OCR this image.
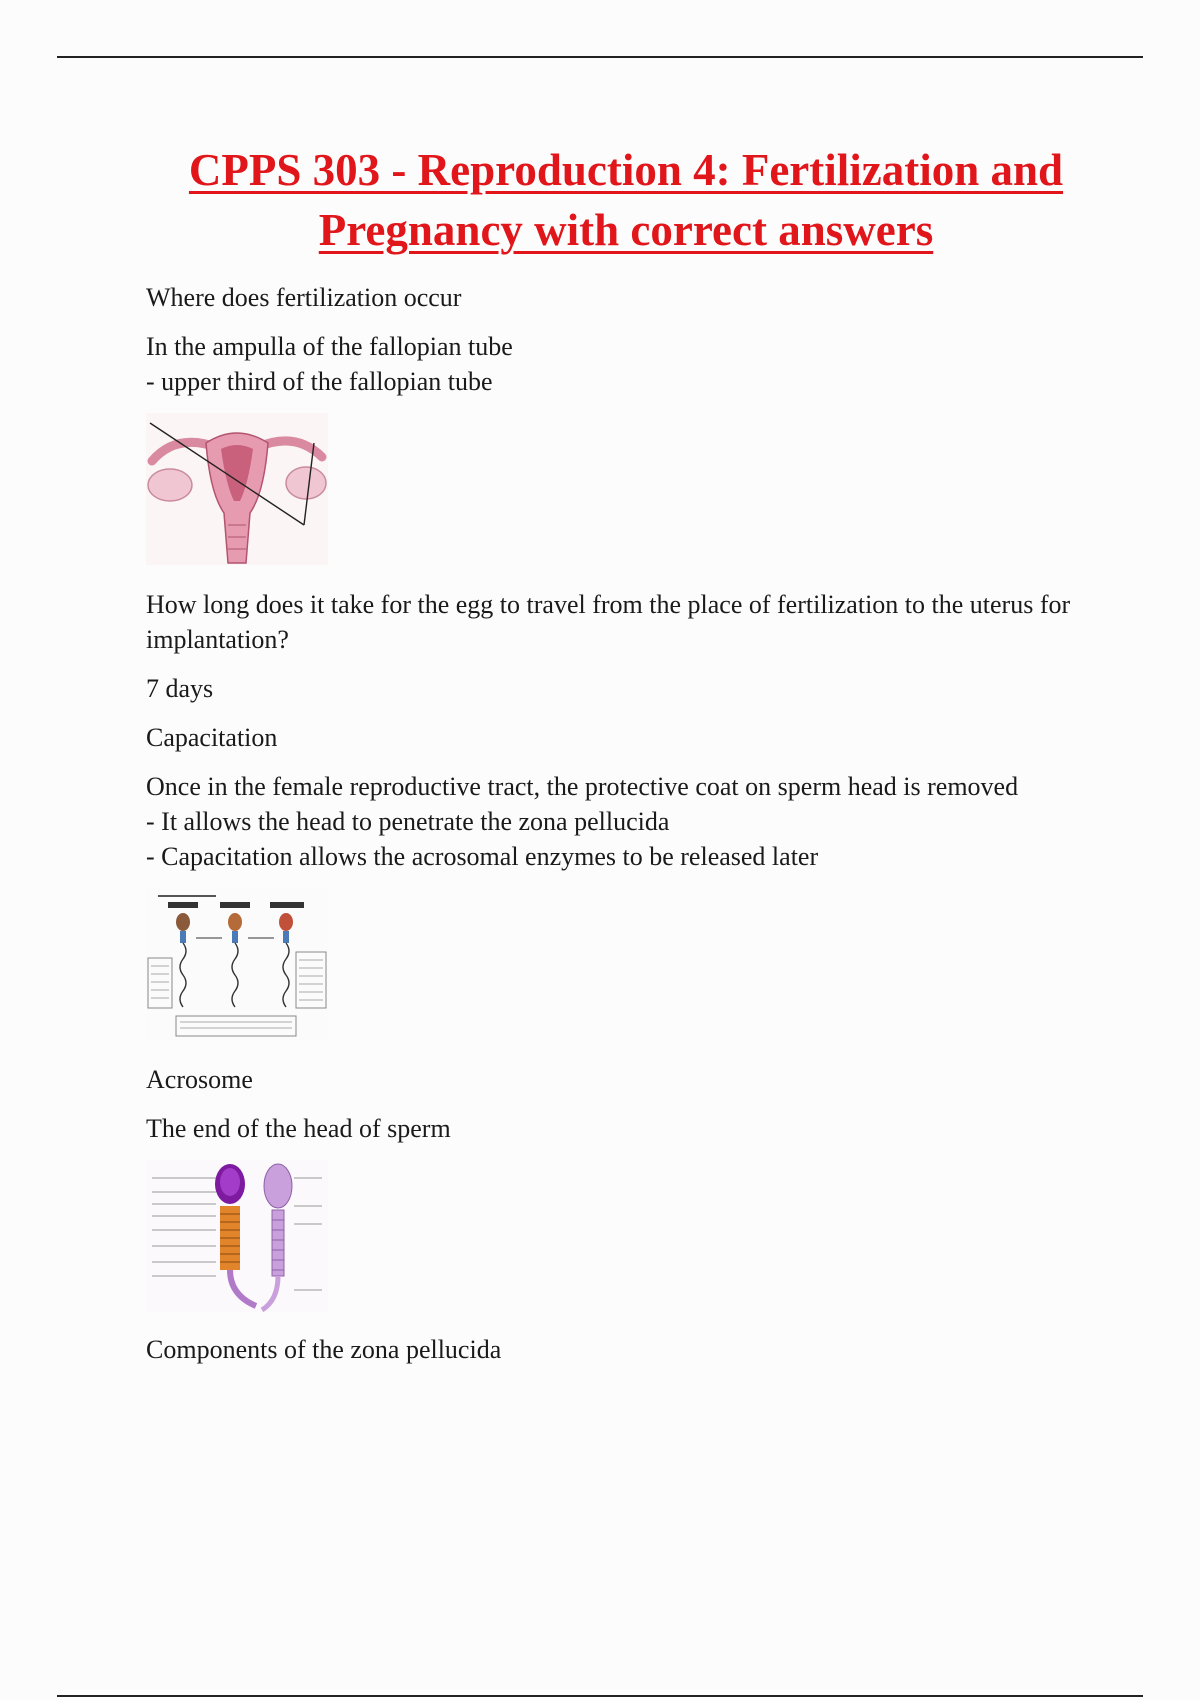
CPPS 303 - Reproduction 4: Fertilization and Pregnancy with correct answers

Where does fertilization occur

In the ampulla of the fallopian tube

- upper third of the fallopian tube

How long does it take for the egg to travel from the place of fertilization to the uterus for implantation?

7 days

Capacitation

Once in the female reproductive tract, the protective coat on sperm head is removed

- It allows the head to penetrate the zona pellucida

- Capacitation allows the acrosomal enzymes to be released later

Acrosome

The end of the head of sperm

Components of the zona pellucida
